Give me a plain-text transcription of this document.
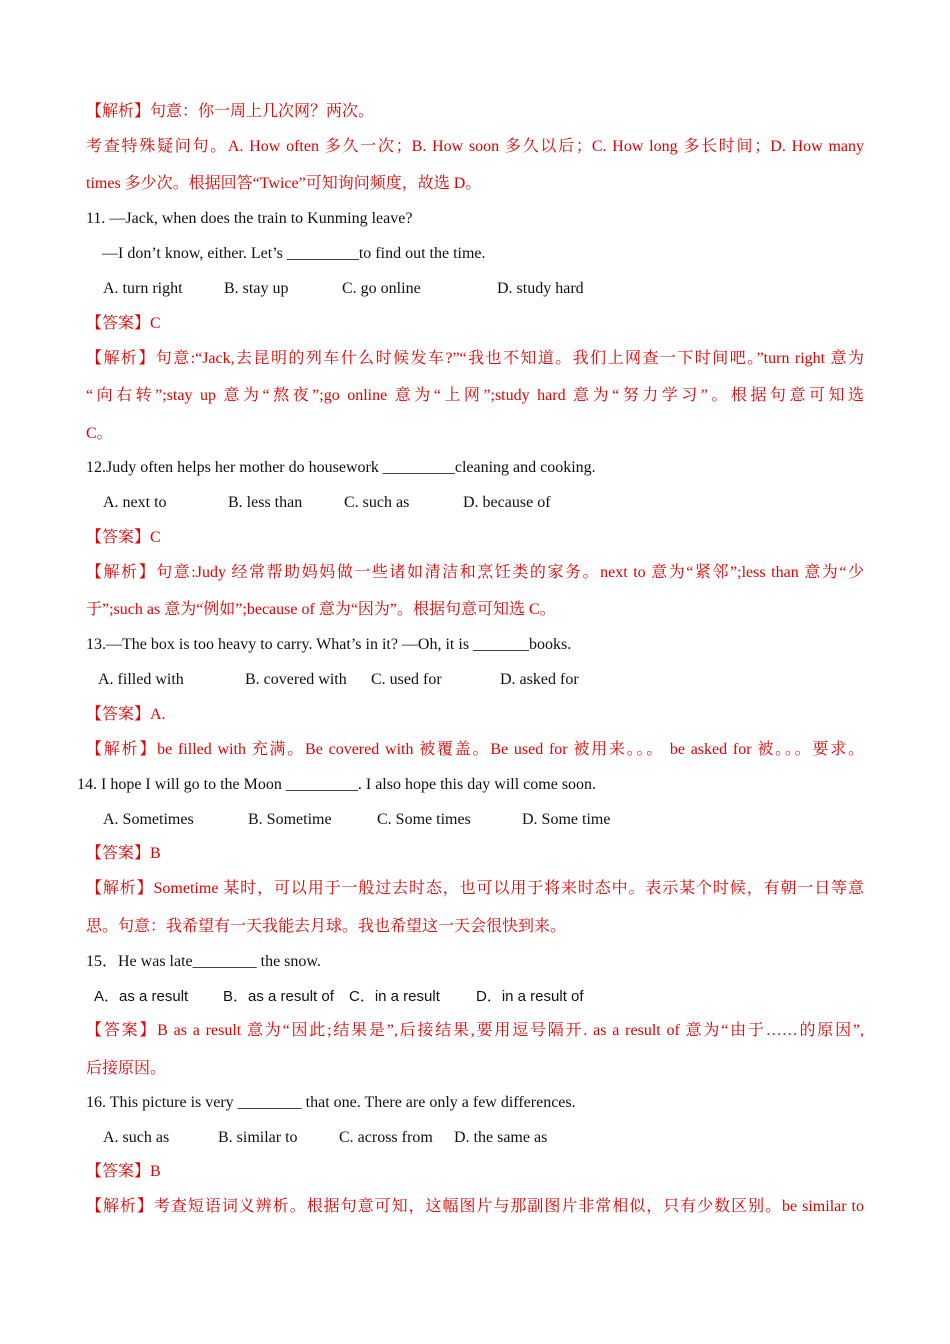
【解析】句意：你一周上几次网？两次。
考查特殊疑问句。A. How often 多久一次；B. How soon 多久以后；C. How long 多长时间；D. How many
times 多少次。根据回答“Twice”可知询问频度，故选 D。
11. —Jack, when does the train to Kunming leave?
—I don’t know, either. Let’s _________to find out the time.
A. turn right	B. stay up	C. go online	D. study hard
【答案】C
【解析】句意:“Jack,去昆明的列车什么时候发车?”“我也不知道。我们上网查一下时间吧。”turn right 意为
“向右转”;stay up 意为“熬夜”;go online 意为“上网”;study hard 意为“努力学习”。根据句意可知选
C。
12.Judy often helps her mother do housework _________cleaning and cooking.
A. next to	B. less than	C. such as	D. because of
【答案】C
【解析】句意:Judy 经常帮助妈妈做一些诸如清洁和烹饪类的家务。next to 意为“紧邻”;less than 意为“少
于”;such as 意为“例如”;because of 意为“因为”。根据句意可知选 C。
13.—The box is too heavy to carry. What’s in it? —Oh, it is _______books.
A. filled with	B. covered with C. used for	D. asked for
【答案】A.
【解析】be filled with 充满。Be covered with 被覆盖。Be used for 被用来。。。 be asked for 被。。。要求。
14. I hope I will go to the Moon _________. I also hope this day will come soon.
A. Sometimes	B. Sometime	C. Some times	D. Some time
【答案】B
【解析】Sometime 某时，可以用于一般过去时态，也可以用于将来时态中。表示某个时候，有朝一日等意
思。句意：我希望有一天我能去月球。我也希望这一天会很快到来。
15．He was late________ the snow.
A．as a result B．as a result of C．in a result D．in a result of
【答案】B as a result 意为“因此;结果是”,后接结果,要用逗号隔开. as a result of 意为“由于……的原因”,
后接原因。
16. This picture is very ________ that one. There are only a few differences.
A. such as	B. similar to	C. across from D. the same as
【答案】B
【解析】考查短语词义辨析。根据句意可知，这幅图片与那副图片非常相似，只有少数区别。be similar to
